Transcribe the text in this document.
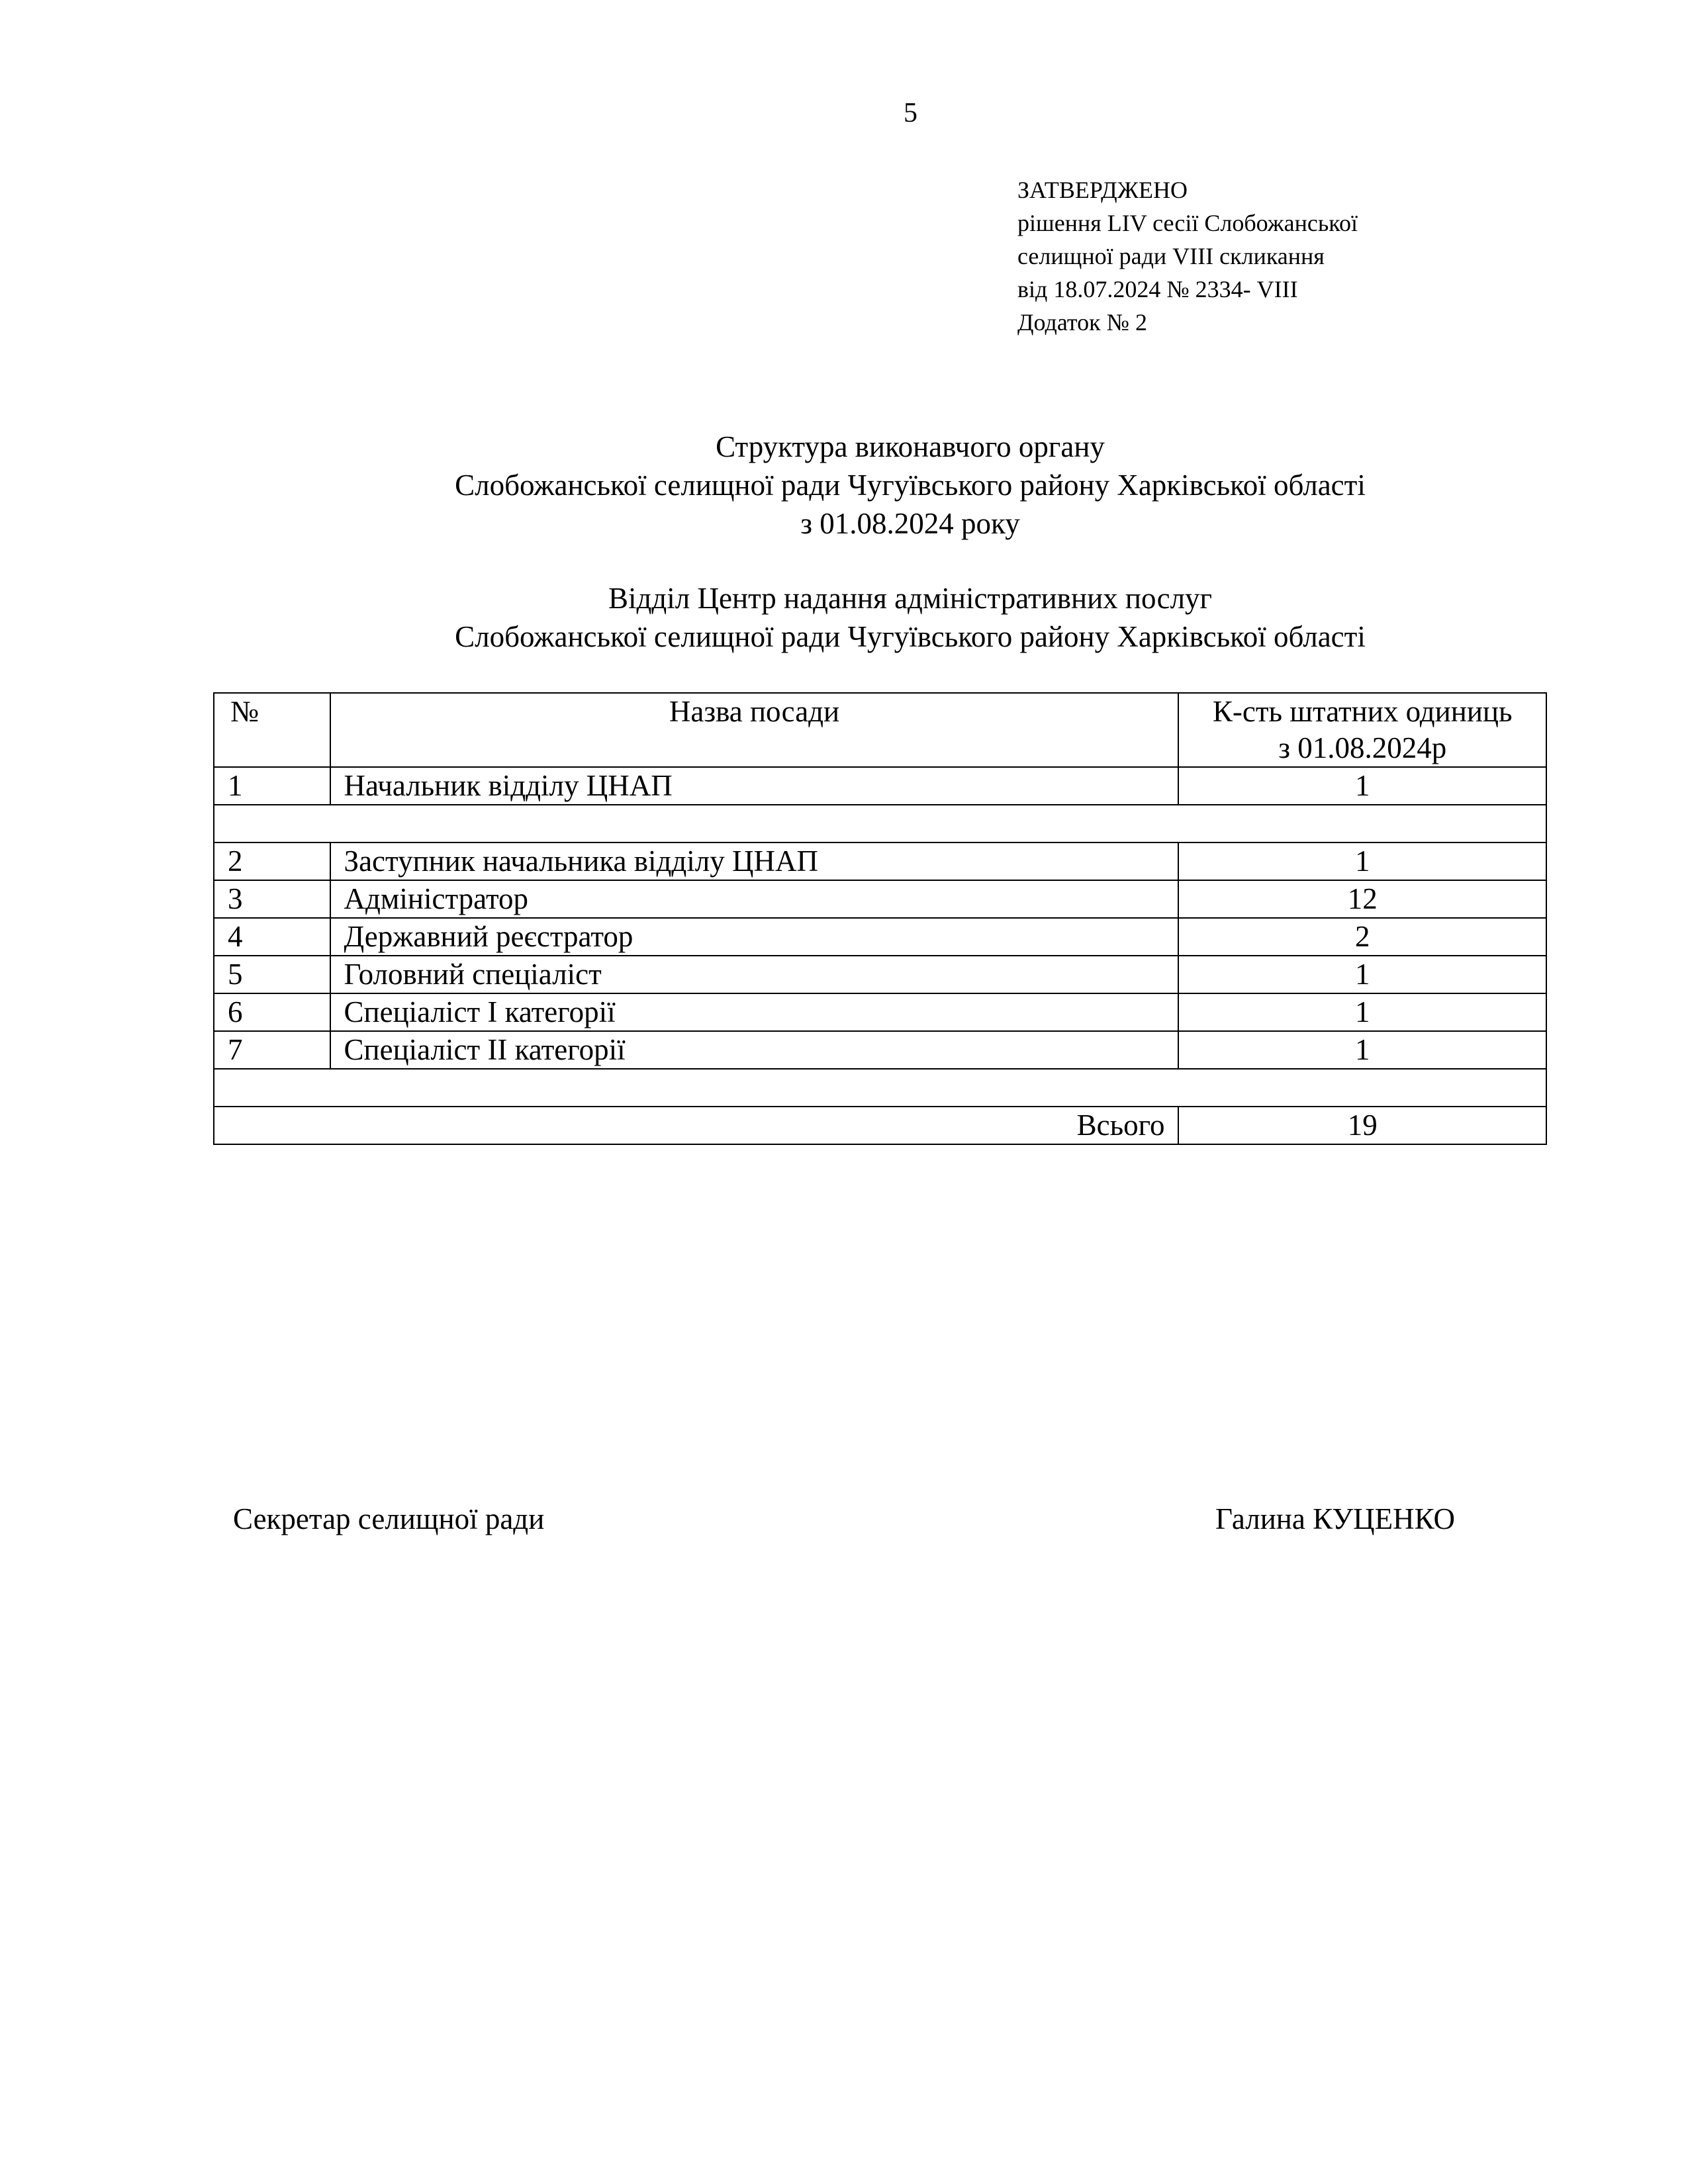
5
ЗАТВЕРДЖЕНО
рішення LIV сесії Слобожанської
селищної ради VIII скликання
від 18.07.2024 № 2334- VIII
Додаток № 2
Структура виконавчого органу
Слобожанської селищної ради Чугуївського району Харківської області
з 01.08.2024 року
Відділ Центр надання адміністративних послуг
Слобожанської селищної ради Чугуївського району Харківської області
№	Назва посади	К-сть штатних одиниць
з 01.08.2024р

1	Начальник відділу ЦНАП	1

2	Заступник начальника відділу ЦНАП	1
3	Адміністратор	12
4	Державний реєстратор	2
5	Головний спеціаліст	1
6	Спеціаліст І категорії	1
7	Спеціаліст ІІ категорії	1

Всього		19
Секретар селищної ради	Галина КУЦЕНКО
